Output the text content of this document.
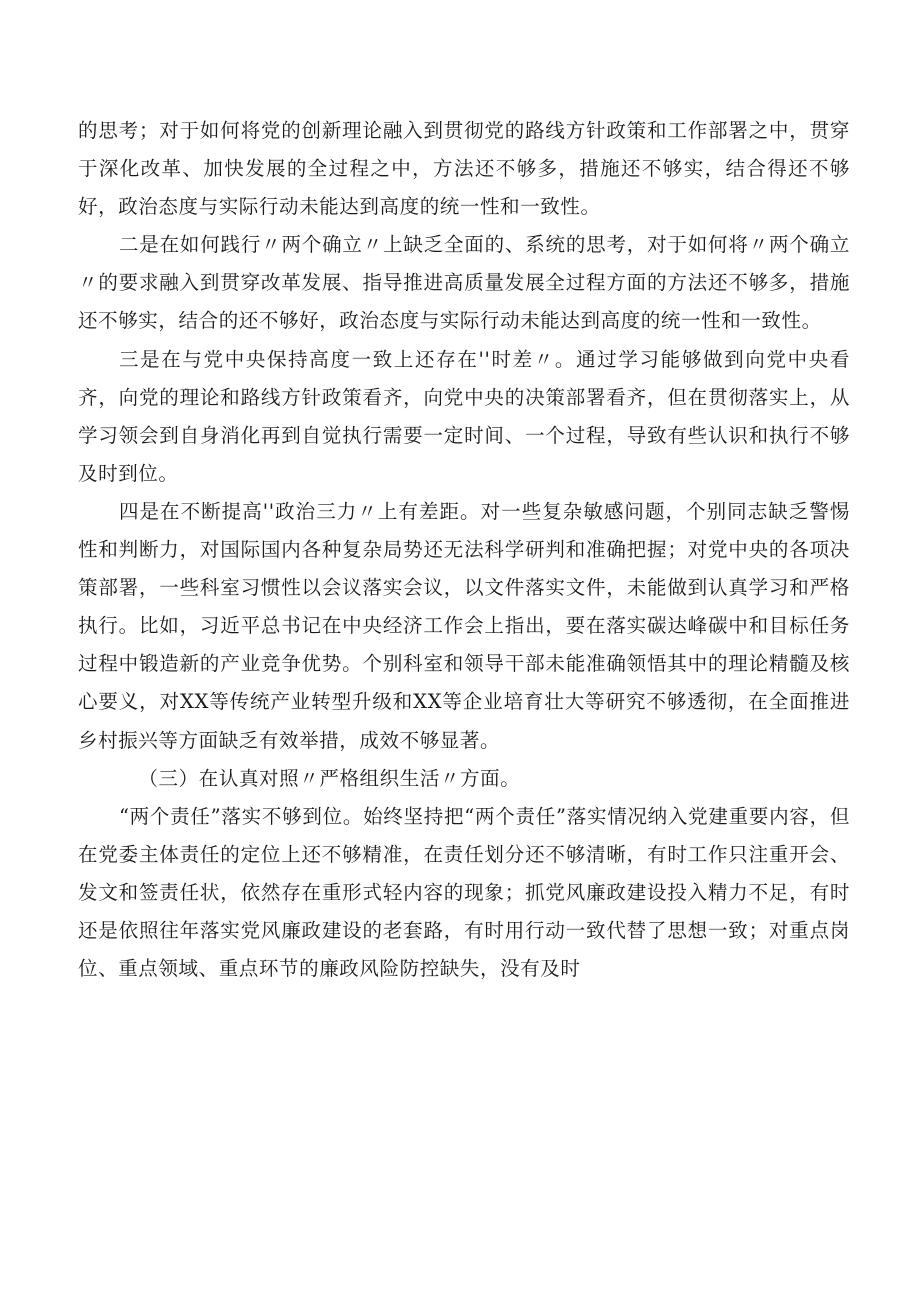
的思考；对于如何将党的创新理论融入到贯彻党的路线方针政策和工作部署之中，贯穿于深化改革、加快发展的全过程之中，方法还不够多，措施还不够实，结合得还不够好，政治态度与实际行动未能达到高度的统一性和一致性。

二是在如何践行〃两个确立〃上缺乏全面的、系统的思考，对于如何将〃两个确立〃的要求融入到贯穿改革发展、指导推进高质量发展全过程方面的方法还不够多，措施还不够实，结合的还不够好，政治态度与实际行动未能达到高度的统一性和一致性。

三是在与党中央保持高度一致上还存在''时差〃。通过学习能够做到向党中央看齐，向党的理论和路线方针政策看齐，向党中央的决策部署看齐，但在贯彻落实上，从学习领会到自身消化再到自觉执行需要一定时间、一个过程，导致有些认识和执行不够及时到位。

四是在不断提高''政治三力〃上有差距。对一些复杂敏感问题，个别同志缺乏警惕性和判断力，对国际国内各种复杂局势还无法科学研判和准确把握；对党中央的各项决策部署，一些科室习惯性以会议落实会议，以文件落实文件，未能做到认真学习和严格执行。比如，习近平总书记在中央经济工作会上指出，要在落实碳达峰碳中和目标任务过程中锻造新的产业竞争优势。个别科室和领导干部未能准确领悟其中的理论精髓及核心要义，对XX等传统产业转型升级和XX等企业培育壮大等研究不够透彻，在全面推进乡村振兴等方面缺乏有效举措，成效不够显著。

（三）在认真对照〃严格组织生活〃方面。

“两个责任”落实不够到位。始终坚持把“两个责任”落实情况纳入党建重要内容，但在党委主体责任的定位上还不够精准，在责任划分还不够清晰，有时工作只注重开会、发文和签责任状，依然存在重形式轻内容的现象；抓党风廉政建设投入精力不足，有时还是依照往年落实党风廉政建设的老套路，有时用行动一致代替了思想一致；对重点岗位、重点领域、重点环节的廉政风险防控缺失，没有及时
